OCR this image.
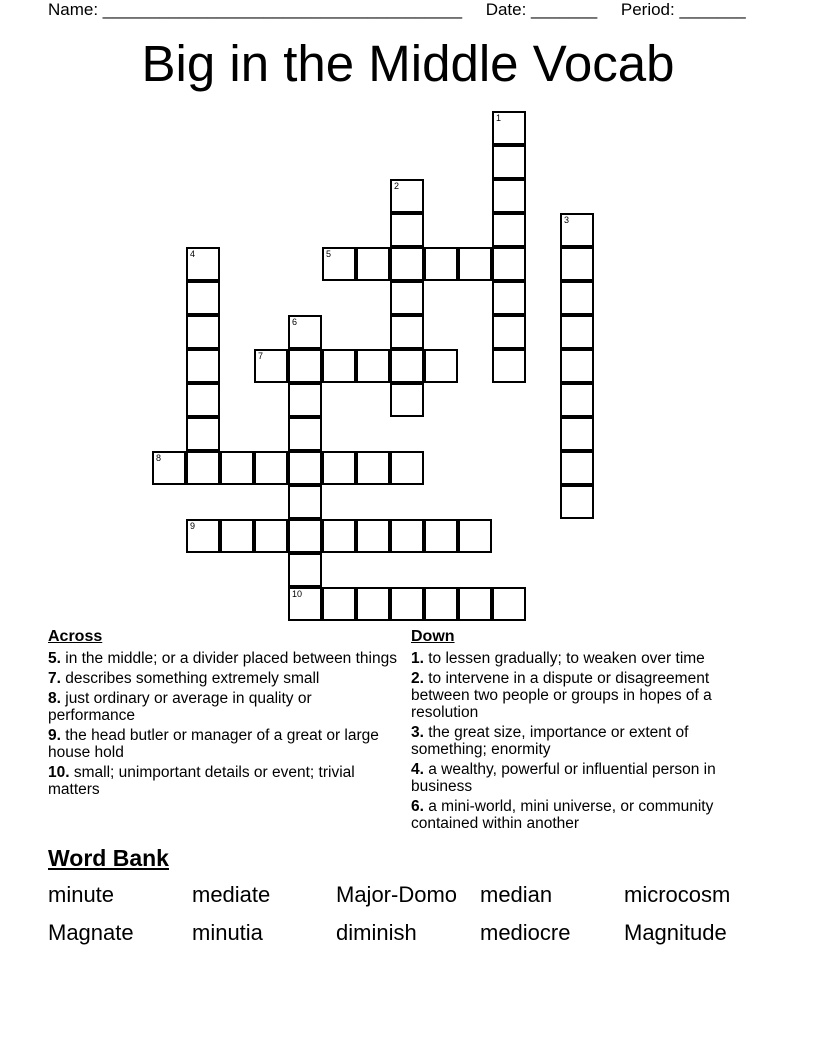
Name: ______________________________________ Date: _______ Period: _______
Big in the Middle Vocab
1
2
3
4	5
6
10
7
8
9
Across
5. in the middle; or a divider placed between things
7. describes something extremely small
8. just ordinary or average in quality or performance
9. the head butler or manager of a great or large house hold
10. small; unimportant details or event; trivial matters
Down
1. to lessen gradually; to weaken over time
2. to intervene in a dispute or disagreement between two people or groups in hopes of a resolution
3. the great size, importance or extent of something; enormity
4. a wealthy, powerful or influential person in business
6. a mini-world, mini universe, or community contained within another
Word Bank
minute	mediate	Major-Domo	median	microcosm
Magnate	minutia	diminish	mediocre	Magnitude
